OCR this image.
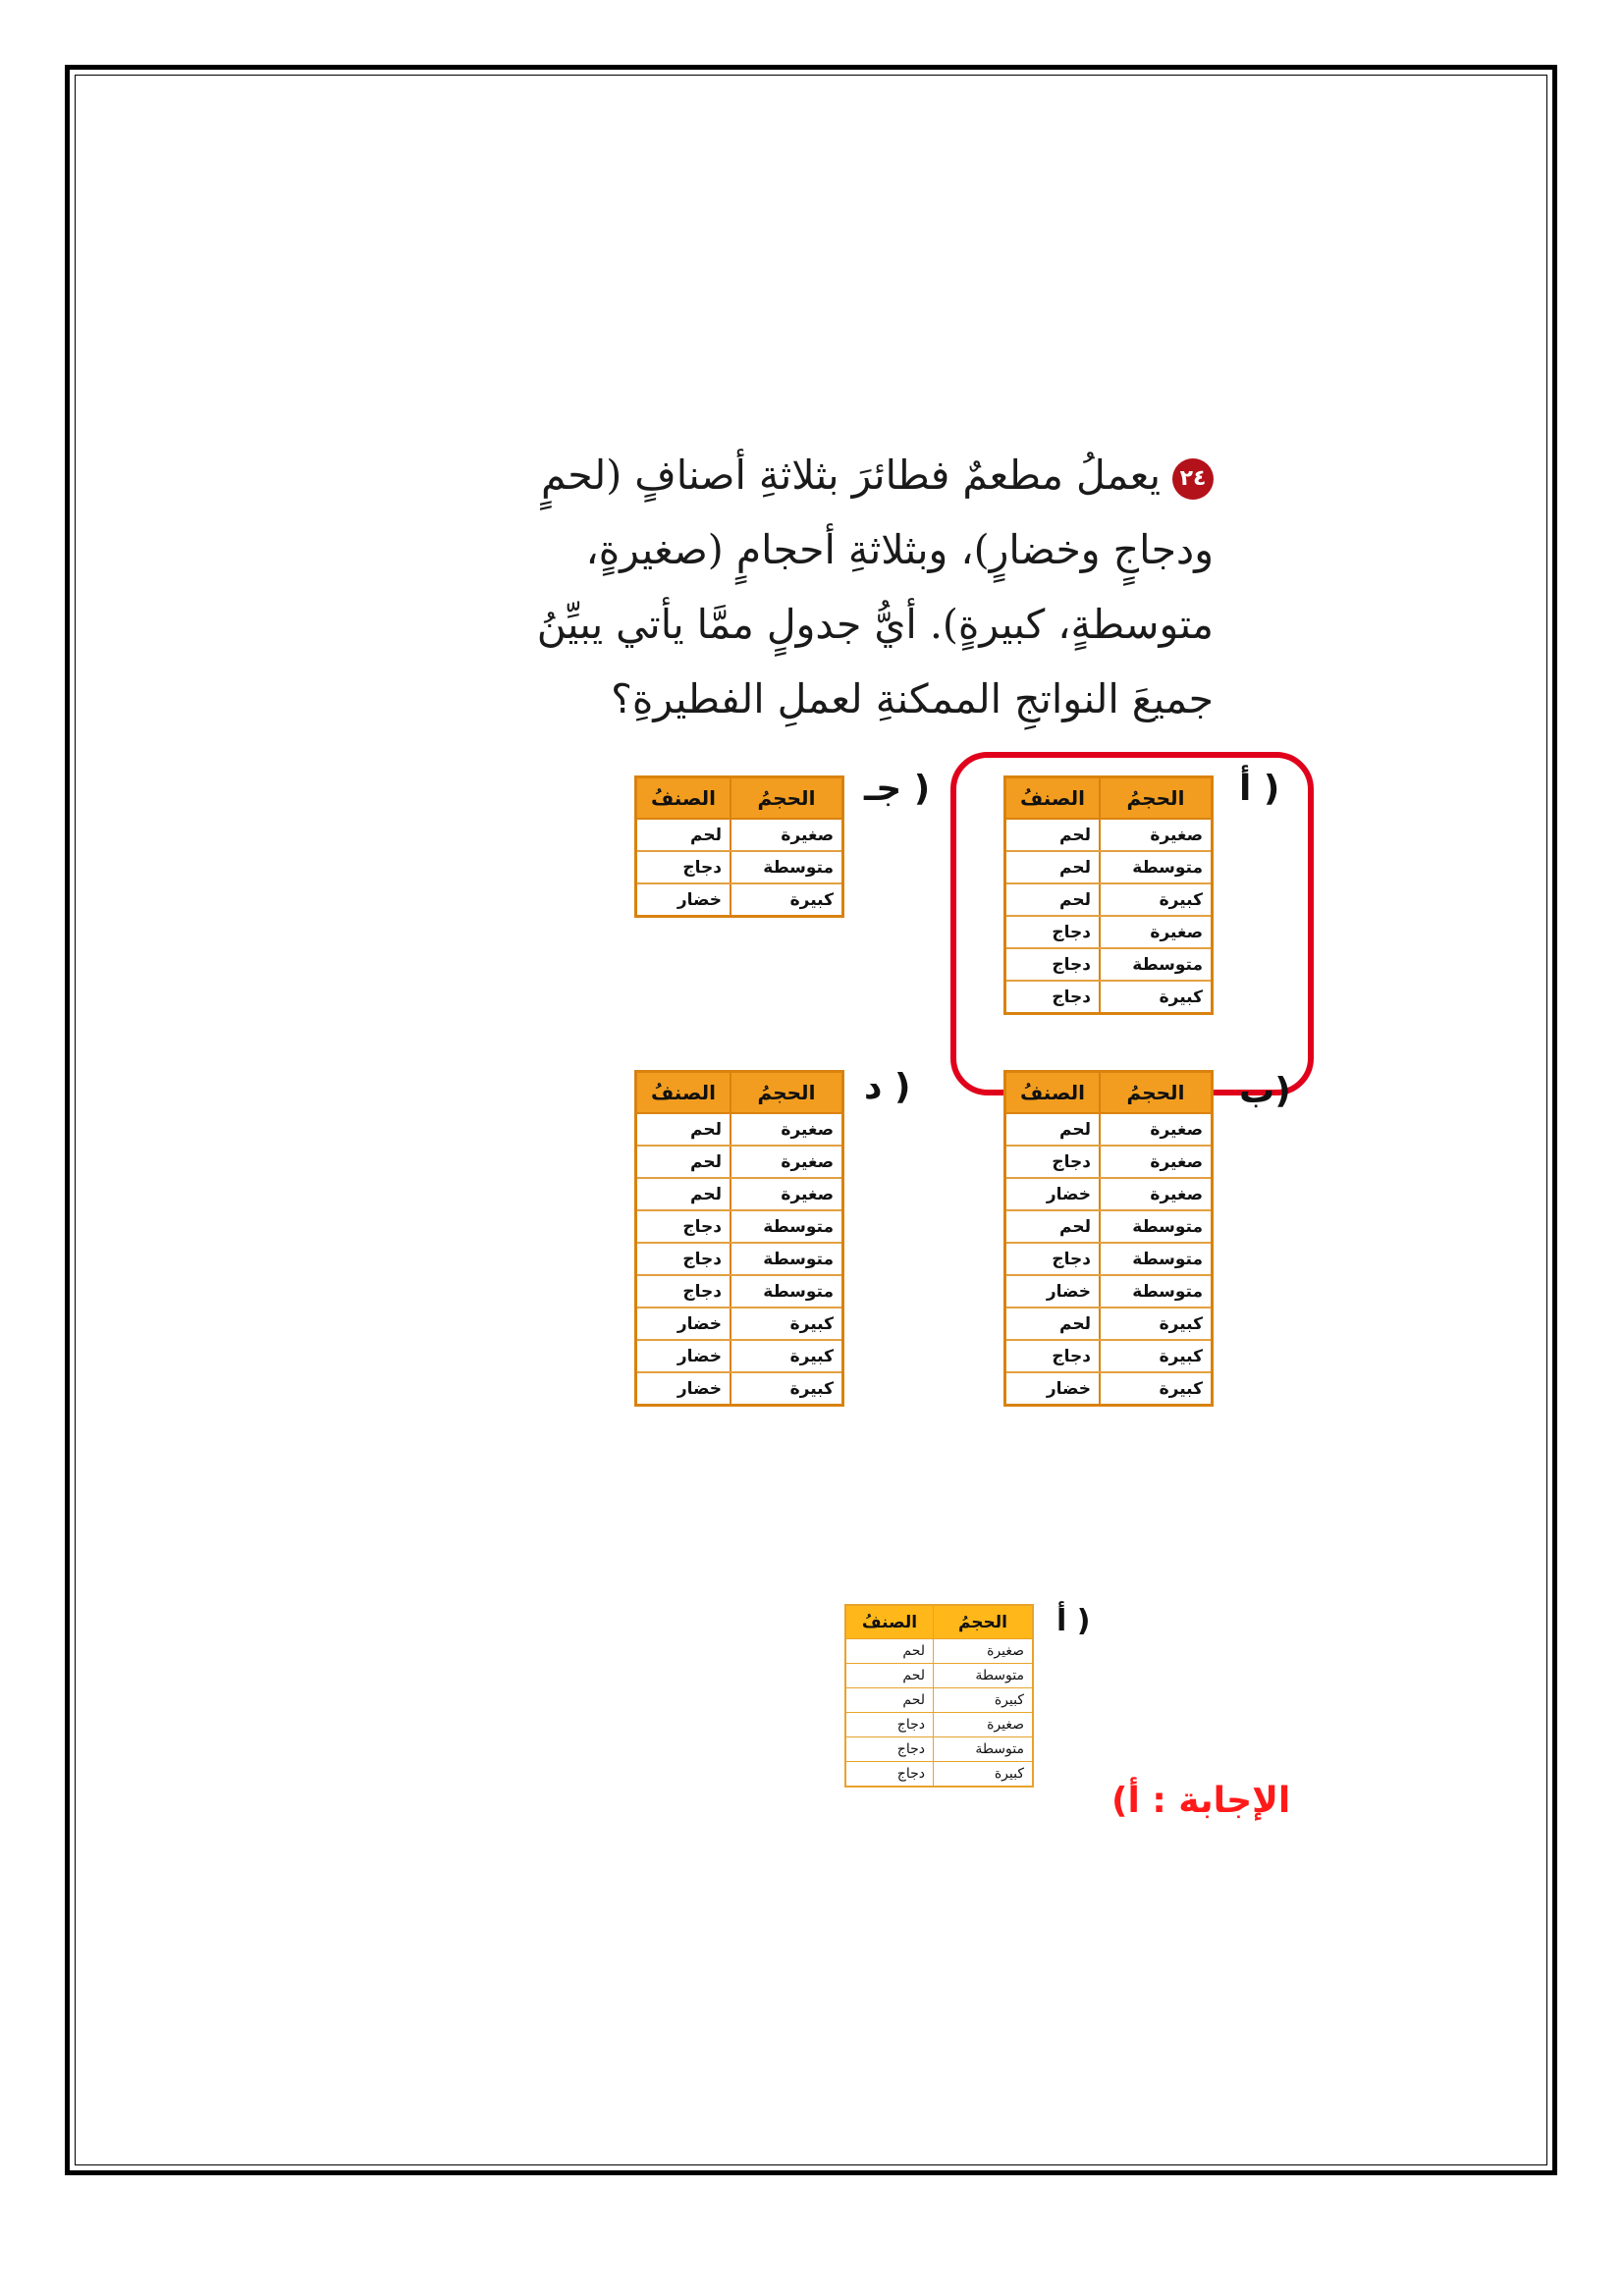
٢٤يعملُ مطعمٌ فطائرَ بثلاثةِ أصنافٍ (لحمٍ ودجاجٍ وخضارٍ)، وبثلاثةِ أحجامٍ (صغيرةٍ، متوسطةٍ، كبيرةٍ). أيُّ جدولٍ ممَّا يأتي يبيِّنُ جميعَ النواتجِ الممكنةِ لعملِ الفطيرةِ؟
الحجمُ	الصنفُ
صغيرة	لحم
متوسطة	لحم
كبيرة	لحم
صغيرة	دجاج
متوسطة	دجاج
كبيرة	دجاج
أ )
الحجمُ	الصنفُ
صغيرة	لحم
متوسطة	دجاج
كبيرة	خضار
جـ )
الحجمُ	الصنفُ
صغيرة	لحم
صغيرة	دجاج
صغيرة	خضار
متوسطة	لحم
متوسطة	دجاج
متوسطة	خضار
كبيرة	لحم
كبيرة	دجاج
كبيرة	خضار
ب)
الحجمُ	الصنفُ
صغيرة	لحم
صغيرة	لحم
صغيرة	لحم
متوسطة	دجاج
متوسطة	دجاج
متوسطة	دجاج
كبيرة	خضار
كبيرة	خضار
كبيرة	خضار
د )
الحجمُ	الصنفُ
صغيرة	لحم
متوسطة	لحم
كبيرة	لحم
صغيرة	دجاج
متوسطة	دجاج
كبيرة	دجاج
أ )
الإجابة : أ)
